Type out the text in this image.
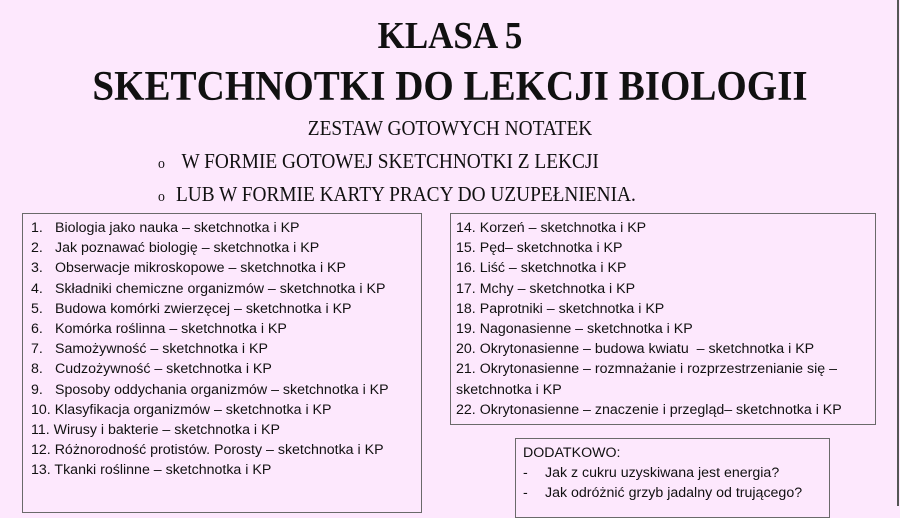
KLASA 5
SKETCHNOTKI DO LEKCJI BIOLOGII
ZESTAW GOTOWYCH NOTATEK
o W FORMIE GOTOWEJ SKETCHNOTKI Z LEKCJI
o LUB W FORMIE KARTY PRACY DO UZUPEŁNIENIA.
1. Biologia jako nauka – sketchnotka i KP
2. Jak poznawać biologię – sketchnotka i KP
3. Obserwacje mikroskopowe – sketchnotka i KP
4. Składniki chemiczne organizmów – sketchnotka i KP
5. Budowa komórki zwierzęcej – sketchnotka i KP
6. Komórka roślinna – sketchnotka i KP
7. Samożywność – sketchnotka i KP
8. Cudzożywność – sketchnotka i KP
9. Sposoby oddychania organizmów – sketchnotka i KP
10. Klasyfikacja organizmów – sketchnotka i KP
11. Wirusy i bakterie – sketchnotka i KP
12. Różnorodność protistów. Porosty – sketchnotka i KP
13. Tkanki roślinne – sketchnotka i KP
14. Korzeń – sketchnotka i KP
15. Pęd– sketchnotka i KP
16. Liść – sketchnotka i KP
17. Mchy – sketchnotka i KP
18. Paprotniki – sketchnotka i KP
19. Nagonasienne – sketchnotka i KP
20. Okrytonasienne – budowa kwiatu  – sketchnotka i KP
21. Okrytonasienne – rozmnażanie i rozprzestrzenianie się –
sketchnotka i KP
22. Okrytonasienne – znaczenie i przegląd– sketchnotka i KP
DODATKOWO:
- Jak z cukru uzyskiwana jest energia?
- Jak odróżnić grzyb jadalny od trującego?
